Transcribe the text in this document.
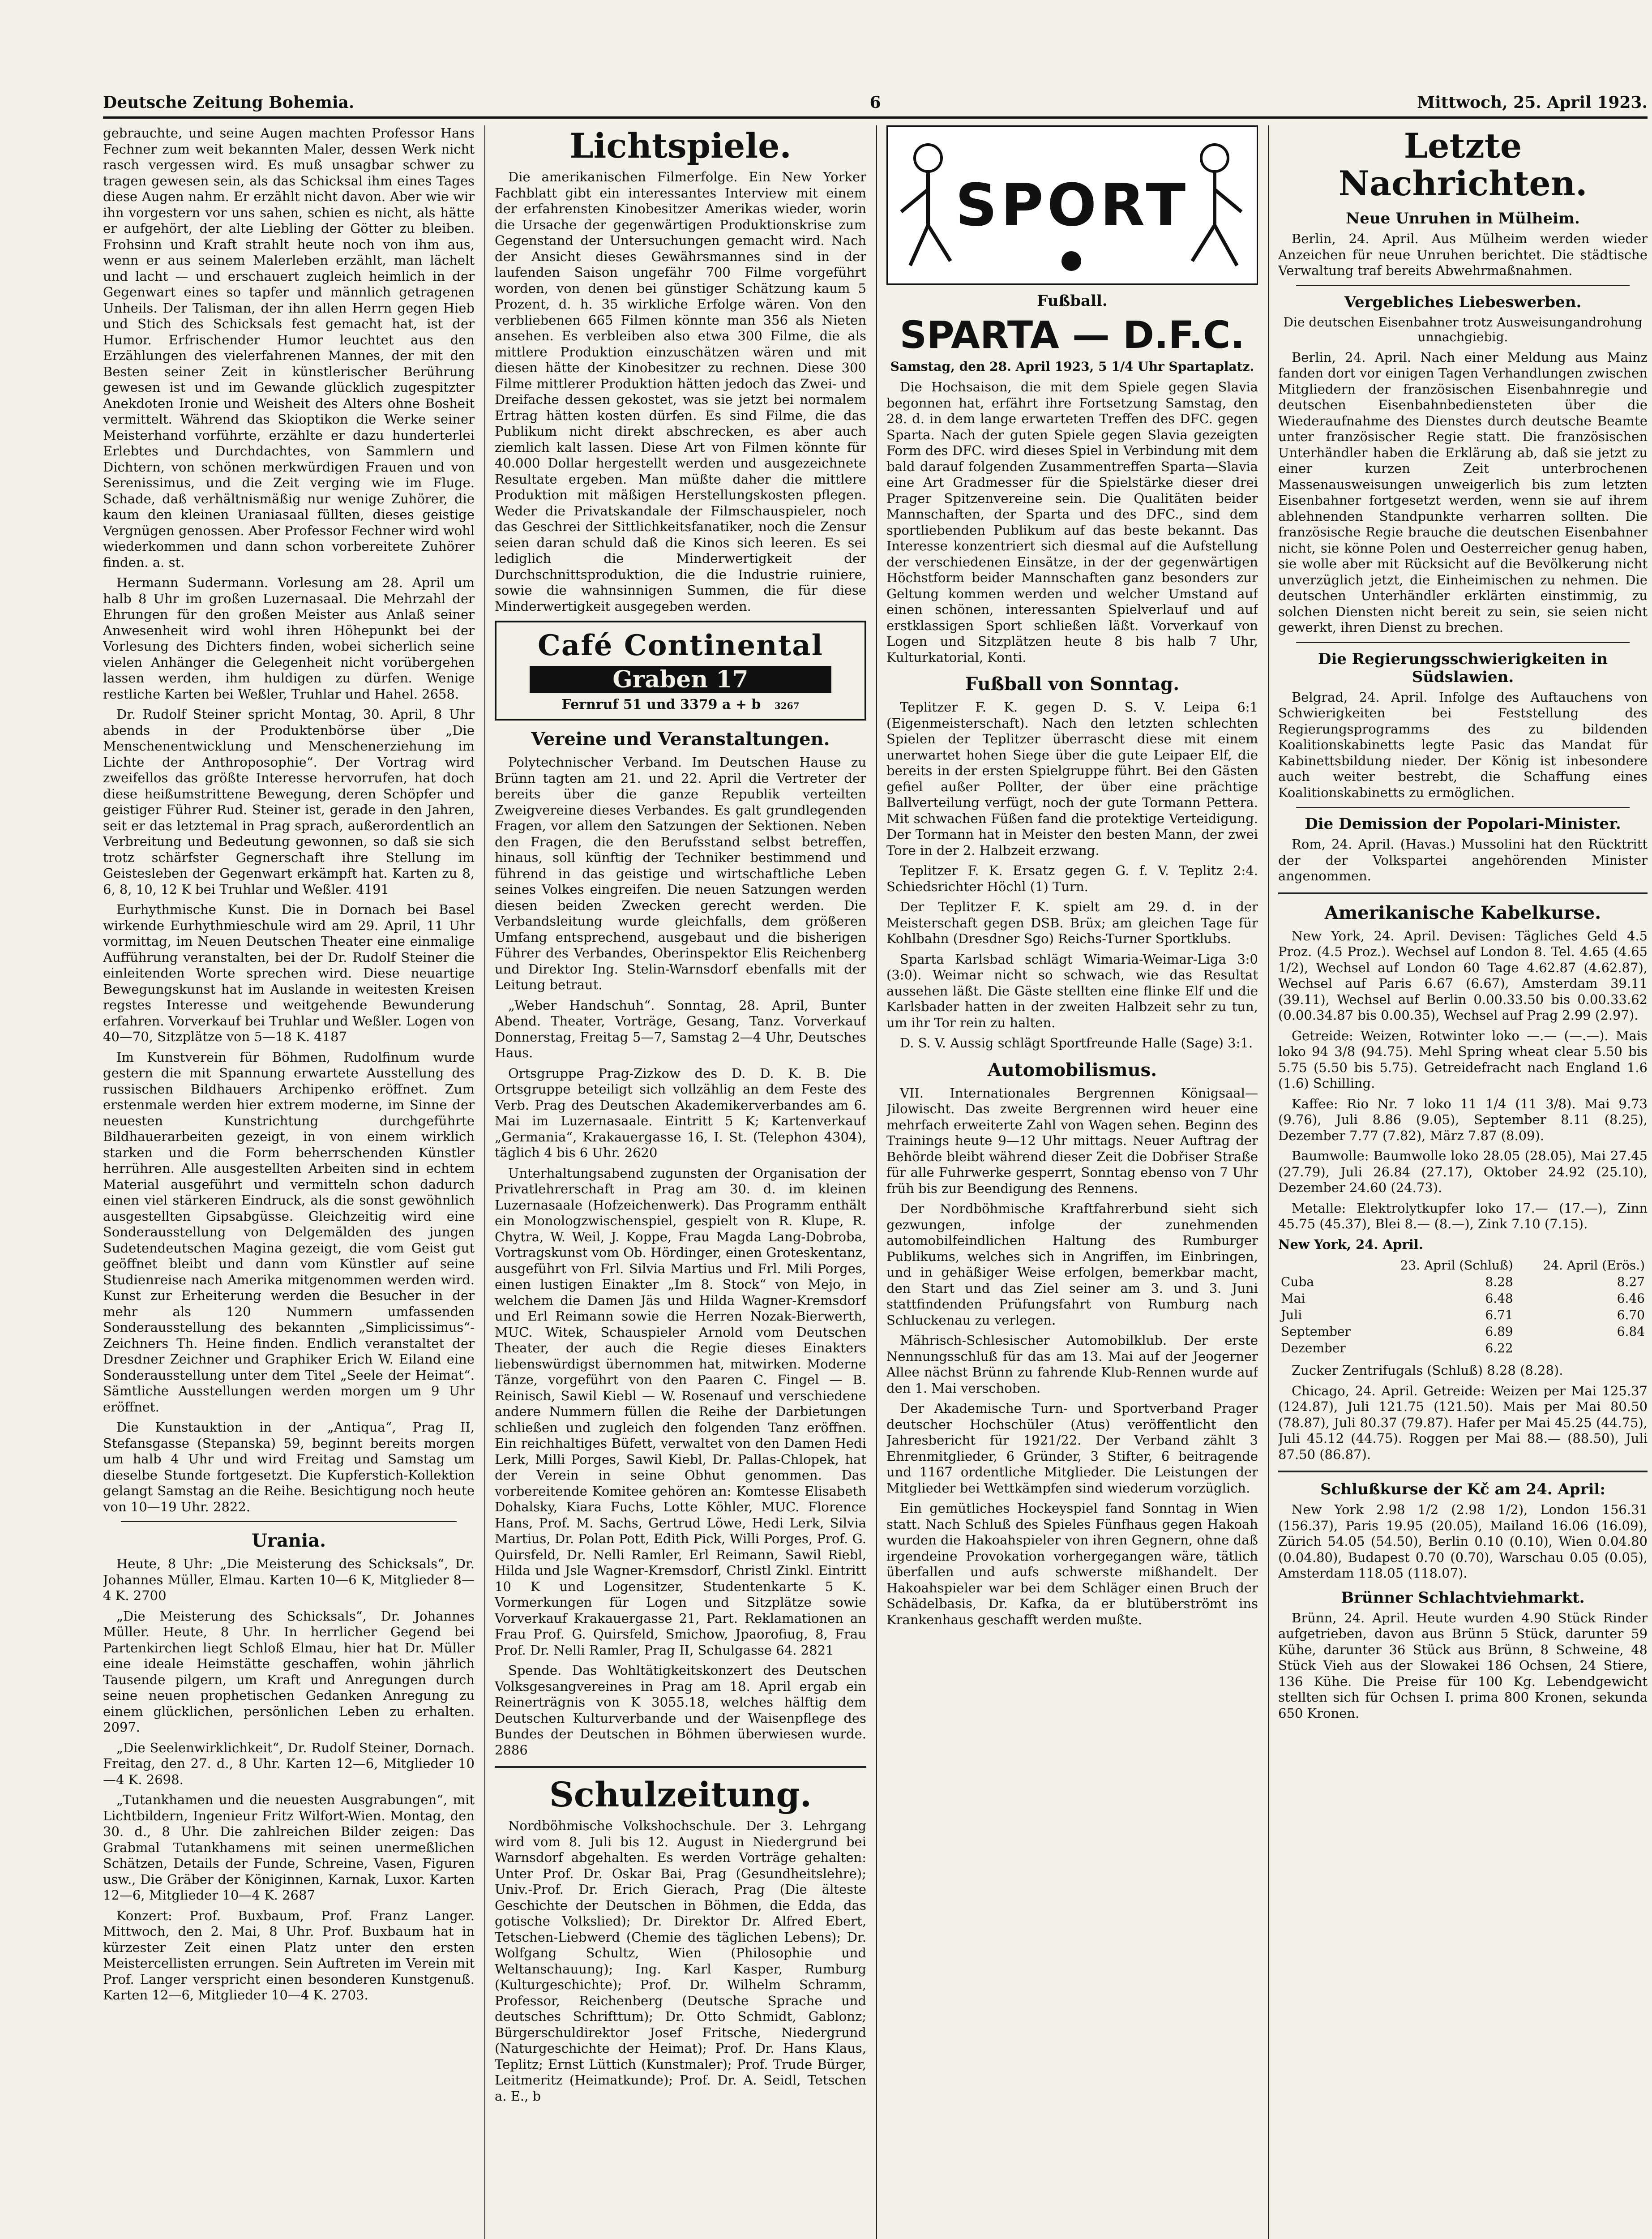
Deutsche Zeitung Bohemia.	6	Mittwoch, 25. April 1923.

gebrauchte, und seine Augen machten Professor Hans Fechner zum weit bekannten Maler, dessen Werk nicht rasch vergessen wird. Es muß unsagbar schwer zu tragen gewesen sein, als das Schicksal ihm eines Tages diese Augen nahm. Er erzählt nicht davon. Aber wie wir ihn vorgestern vor uns sahen, schien es nicht, als hätte er aufgehört, der alte Liebling der Götter zu bleiben. Frohsinn und Kraft strahlt heute noch von ihm aus, wenn er aus seinem Malerleben erzählt, man lächelt und lacht — und erschauert zugleich heimlich in der Gegenwart eines so tapfer und männlich getragenen Unheils. Der Talisman, der ihn allen Herrn gegen Hieb und Stich des Schicksals fest gemacht hat, ist der Humor. Erfrischender Humor leuchtet aus den Erzählungen des vielerfahrenen Mannes, der mit den Besten seiner Zeit in künstlerischer Berührung gewesen ist und im Gewande glücklich zugespitzter Anekdoten Ironie und Weisheit des Alters ohne Bosheit vermittelt. Während das Skioptikon die Werke seiner Meisterhand vorführte, erzählte er dazu hunderterlei Erlebtes und Durchdachtes, von Sammlern und Dichtern, von schönen merkwürdigen Frauen und von Serenissimus, und die Zeit verging wie im Fluge. Schade, daß verhältnismäßig nur wenige Zuhörer, die kaum den kleinen Uraniasaal füllten, dieses geistige Vergnügen genossen. Aber Professor Fechner wird wohl wiederkommen und dann schon vorbereitete Zuhörer finden. a. st.

Hermann Sudermann. Vorlesung am 28. April um halb 8 Uhr im großen Luzernasaal. Die Mehrzahl der Ehrungen für den großen Meister aus Anlaß seiner Anwesenheit wird wohl ihren Höhepunkt bei der Vorlesung des Dichters finden, wobei sicherlich seine vielen Anhänger die Gelegenheit nicht vorübergehen lassen werden, ihm huldigen zu dürfen. Wenige restliche Karten bei Weßler, Truhlar und Hahel. 2658.

Dr. Rudolf Steiner spricht Montag, 30. April, 8 Uhr abends in der Produktenbörse über „Die Menschenentwicklung und Menschenerziehung im Lichte der Anthroposophie“. Der Vortrag wird zweifellos das größte Interesse hervorrufen, hat doch diese heißumstrittene Bewegung, deren Schöpfer und geistiger Führer Rud. Steiner ist, gerade in den Jahren, seit er das letztemal in Prag sprach, außerordentlich an Verbreitung und Bedeutung gewonnen, so daß sie sich trotz schärfster Gegnerschaft ihre Stellung im Geistesleben der Gegenwart erkämpft hat. Karten zu 8, 6, 8, 10, 12 K bei Truhlar und Weßler. 4191

Eurhythmische Kunst. Die in Dornach bei Basel wirkende Eurhythmieschule wird am 29. April, 11 Uhr vormittag, im Neuen Deutschen Theater eine einmalige Aufführung veranstalten, bei der Dr. Rudolf Steiner die einleitenden Worte sprechen wird. Diese neuartige Bewegungskunst hat im Auslande in weitesten Kreisen regstes Interesse und weitgehende Bewunderung erfahren. Vorverkauf bei Truhlar und Weßler. Logen von 40—70, Sitzplätze von 5—18 K. 4187

Im Kunstverein für Böhmen, Rudolfinum wurde gestern die mit Spannung erwartete Ausstellung des russischen Bildhauers Archipenko eröffnet. Zum erstenmale werden hier extrem moderne, im Sinne der neuesten Kunstrichtung durchgeführte Bildhauerarbeiten gezeigt, in von einem wirklich starken und die Form beherrschenden Künstler herrühren. Alle ausgestellten Arbeiten sind in echtem Material ausgeführt und vermitteln schon dadurch einen viel stärkeren Eindruck, als die sonst gewöhnlich ausgestellten Gipsabgüsse. Gleichzeitig wird eine Sonderausstellung von Delgemälden des jungen Sudetendeutschen Magina gezeigt, die vom Geist gut geöffnet bleibt und dann vom Künstler auf seine Studienreise nach Amerika mitgenommen werden wird. Kunst zur Erheiterung werden die Besucher in der mehr als 120 Nummern umfassenden Sonderausstellung des bekannten „Simplicissimus“-Zeichners Th. Heine finden. Endlich veranstaltet der Dresdner Zeichner und Graphiker Erich W. Eiland eine Sonderausstellung unter dem Titel „Seele der Heimat“. Sämtliche Ausstellungen werden morgen um 9 Uhr eröffnet.

Die Kunstauktion in der „Antiqua“, Prag II, Stefansgasse (Stepanska) 59, beginnt bereits morgen um halb 4 Uhr und wird Freitag und Samstag um dieselbe Stunde fortgesetzt. Die Kupferstich-Kollektion gelangt Samstag an die Reihe. Besichtigung noch heute von 10—19 Uhr. 2822.

Urania.

Heute, 8 Uhr: „Die Meisterung des Schicksals“, Dr. Johannes Müller, Elmau. Karten 10—6 K, Mitglieder 8—4 K. 2700

„Die Meisterung des Schicksals“, Dr. Johannes Müller. Heute, 8 Uhr. In herrlicher Gegend bei Partenkirchen liegt Schloß Elmau, hier hat Dr. Müller eine ideale Heimstätte geschaffen, wohin jährlich Tausende pilgern, um Kraft und Anregungen durch seine neuen prophetischen Gedanken Anregung zu einem glücklichen, persönlichen Leben zu erhalten. 2097.

„Die Seelenwirklichkeit“, Dr. Rudolf Steiner, Dornach. Freitag, den 27. d., 8 Uhr. Karten 12—6, Mitglieder 10—4 K. 2698.

„Tutankhamen und die neuesten Ausgrabungen“, mit Lichtbildern, Ingenieur Fritz Wilfort-Wien. Montag, den 30. d., 8 Uhr. Die zahlreichen Bilder zeigen: Das Grabmal Tutankhamens mit seinen unermeßlichen Schätzen, Details der Funde, Schreine, Vasen, Figuren usw., Die Gräber der Königinnen, Karnak, Luxor. Karten 12—6, Mitglieder 10—4 K. 2687

Konzert: Prof. Buxbaum, Prof. Franz Langer. Mittwoch, den 2. Mai, 8 Uhr. Prof. Buxbaum hat in kürzester Zeit einen Platz unter den ersten Meistercellisten errungen. Sein Auftreten im Verein mit Prof. Langer verspricht einen besonderen Kunstgenuß. Karten 12—6, Mitglieder 10—4 K. 2703.

Lichtspiele.

Die amerikanischen Filmerfolge. Ein New Yorker Fachblatt gibt ein interessantes Interview mit einem der erfahrensten Kinobesitzer Amerikas wieder, worin die Ursache der gegenwärtigen Produktionskrise zum Gegenstand der Untersuchungen gemacht wird. Nach der Ansicht dieses Gewährsmannes sind in der laufenden Saison ungefähr 700 Filme vorgeführt worden, von denen bei günstiger Schätzung kaum 5 Prozent, d. h. 35 wirkliche Erfolge wären. Von den verbliebenen 665 Filmen könnte man 356 als Nieten ansehen. Es verbleiben also etwa 300 Filme, die als mittlere Produktion einzuschätzen wären und mit diesen hätte der Kinobesitzer zu rechnen. Diese 300 Filme mittlerer Produktion hätten jedoch das Zwei- und Dreifache dessen gekostet, was sie jetzt bei normalem Ertrag hätten kosten dürfen. Es sind Filme, die das Publikum nicht direkt abschrecken, es aber auch ziemlich kalt lassen. Diese Art von Filmen könnte für 40.000 Dollar hergestellt werden und ausgezeichnete Resultate ergeben. Man müßte daher die mittlere Produktion mit mäßigen Herstellungskosten pflegen. Weder die Privatskandale der Filmschauspieler, noch das Geschrei der Sittlichkeitsfanatiker, noch die Zensur seien daran schuld daß die Kinos sich leeren. Es sei lediglich die Minderwertigkeit der Durchschnittsproduktion, die die Industrie ruiniere, sowie die wahnsinnigen Summen, die für diese Minderwertigkeit ausgegeben werden.

Café Continental
Graben 17
Fernruf 51 und 3379 a + b 3267
Vereine und Veranstaltungen.

Polytechnischer Verband. Im Deutschen Hause zu Brünn tagten am 21. und 22. April die Vertreter der bereits über die ganze Republik verteilten Zweigvereine dieses Verbandes. Es galt grundlegenden Fragen, vor allem den Satzungen der Sektionen. Neben den Fragen, die den Berufsstand selbst betreffen, hinaus, soll künftig der Techniker bestimmend und führend in das geistige und wirtschaftliche Leben seines Volkes eingreifen. Die neuen Satzungen werden diesen beiden Zwecken gerecht werden. Die Verbandsleitung wurde gleichfalls, dem größeren Umfang entsprechend, ausgebaut und die bisherigen Führer des Verbandes, Oberinspektor Elis Reichenberg und Direktor Ing. Stelin-Warnsdorf ebenfalls mit der Leitung betraut.

„Weber Handschuh“. Sonntag, 28. April, Bunter Abend. Theater, Vorträge, Gesang, Tanz. Vorverkauf Donnerstag, Freitag 5—7, Samstag 2—4 Uhr, Deutsches Haus.

Ortsgruppe Prag-Zizkow des D. D. K. B. Die Ortsgruppe beteiligt sich vollzählig an dem Feste des Verb. Prag des Deutschen Akademikerverbandes am 6. Mai im Luzernasaale. Eintritt 5 K; Kartenverkauf „Germania“, Krakauergasse 16, I. St. (Telephon 4304), täglich 4 bis 6 Uhr. 2620

Unterhaltungsabend zugunsten der Organisation der Privatlehrerschaft in Prag am 30. d. im kleinen Luzernasaale (Hofzeichenwerk). Das Programm enthält ein Monologzwischenspiel, gespielt von R. Klupe, R. Chytra, W. Weil, J. Koppe, Frau Magda Lang-Dobroba, Vortragskunst vom Ob. Hördinger, einen Groteskentanz, ausgeführt von Frl. Silvia Martius und Frl. Mili Porges, einen lustigen Einakter „Im 8. Stock“ von Mejo, in welchem die Damen Jäs und Hilda Wagner-Kremsdorf und Erl Reimann sowie die Herren Nozak-Bierwerth, MUC. Witek, Schauspieler Arnold vom Deutschen Theater, der auch die Regie dieses Einakters liebenswürdigst übernommen hat, mitwirken. Moderne Tänze, vorgeführt von den Paaren C. Fingel — B. Reinisch, Sawil Kiebl — W. Rosenauf und verschiedene andere Nummern füllen die Reihe der Darbietungen schließen und zugleich den folgenden Tanz eröffnen. Ein reichhaltiges Büfett, verwaltet von den Damen Hedi Lerk, Milli Porges, Sawil Kiebl, Dr. Pallas-Chlopek, hat der Verein in seine Obhut genommen. Das vorbereitende Komitee gehören an: Komtesse Elisabeth Dohalsky, Kiara Fuchs, Lotte Köhler, MUC. Florence Hans, Prof. M. Sachs, Gertrud Löwe, Hedi Lerk, Silvia Martius, Dr. Polan Pott, Edith Pick, Willi Porges, Prof. G. Quirsfeld, Dr. Nelli Ramler, Erl Reimann, Sawil Riebl, Hilda und Jsle Wagner-Kremsdorf, Christl Zinkl. Eintritt 10 K und Logensitzer, Studentenkarte 5 K. Vormerkungen für Logen und Sitzplätze sowie Vorverkauf Krakauergasse 21, Part. Reklamationen an Frau Prof. G. Quirsfeld, Smichow, Jpaorofiug, 8, Frau Prof. Dr. Nelli Ramler, Prag II, Schulgasse 64. 2821

Spende. Das Wohltätigkeitskonzert des Deutschen Volksgesangvereines in Prag am 18. April ergab ein Reinerträgnis von K 3055.18, welches hälftig dem Deutschen Kulturverbande und der Waisenpflege des Bundes der Deutschen in Böhmen überwiesen wurde. 2886

Schulzeitung.

Nordböhmische Volkshochschule. Der 3. Lehrgang wird vom 8. Juli bis 12. August in Niedergrund bei Warnsdorf abgehalten. Es werden Vorträge gehalten: Unter Prof. Dr. Oskar Bai, Prag (Gesundheitslehre); Univ.-Prof. Dr. Erich Gierach, Prag (Die älteste Geschichte der Deutschen in Böhmen, die Edda, das gotische Volkslied); Dr. Direktor Dr. Alfred Ebert, Tetschen-Liebwerd (Chemie des täglichen Lebens); Dr. Wolfgang Schultz, Wien (Philosophie und Weltanschauung); Ing. Karl Kasper, Rumburg (Kulturgeschichte); Prof. Dr. Wilhelm Schramm, Professor, Reichenberg (Deutsche Sprache und deutsches Schrifttum); Dr. Otto Schmidt, Gablonz; Bürgerschuldirektor Josef Fritsche, Niedergrund (Naturgeschichte der Heimat); Prof. Dr. Hans Klaus, Teplitz; Ernst Lüttich (Kunstmaler); Prof. Trude Bürger, Leitmeritz (Heimatkunde); Prof. Dr. A. Seidl, Tetschen a. E., b

SPORT
Fußball.
SPARTA — D.F.C.
Samstag, den 28. April 1923, 5 1/4 Uhr Spartaplatz.

Die Hochsaison, die mit dem Spiele gegen Slavia begonnen hat, erfährt ihre Fortsetzung Samstag, den 28. d. in dem lange erwarteten Treffen des DFC. gegen Sparta. Nach der guten Spiele gegen Slavia gezeigten Form des DFC. wird dieses Spiel in Verbindung mit dem bald darauf folgenden Zusammentreffen Sparta—Slavia eine Art Gradmesser für die Spielstärke dieser drei Prager Spitzenvereine sein. Die Qualitäten beider Mannschaften, der Sparta und des DFC., sind dem sportliebenden Publikum auf das beste bekannt. Das Interesse konzentriert sich diesmal auf die Aufstellung der verschiedenen Einsätze, in der der gegenwärtigen Höchstform beider Mannschaften ganz besonders zur Geltung kommen werden und welcher Umstand auf einen schönen, interessanten Spielverlauf und auf erstklassigen Sport schließen läßt. Vorverkauf von Logen und Sitzplätzen heute 8 bis halb 7 Uhr, Kulturkatorial, Konti.

Fußball von Sonntag.

Teplitzer F. K. gegen D. S. V. Leipa 6:1 (Eigenmeisterschaft). Nach den letzten schlechten Spielen der Teplitzer überrascht diese mit einem unerwartet hohen Siege über die gute Leipaer Elf, die bereits in der ersten Spielgruppe führt. Bei den Gästen gefiel außer Pollter, der über eine prächtige Ballverteilung verfügt, noch der gute Tormann Pettera. Mit schwachen Füßen fand die protektige Verteidigung. Der Tormann hat in Meister den besten Mann, der zwei Tore in der 2. Halbzeit erzwang.

Teplitzer F. K. Ersatz gegen G. f. V. Teplitz 2:4. Schiedsrichter Höchl (1) Turn.

Der Teplitzer F. K. spielt am 29. d. in der Meisterschaft gegen DSB. Brüx; am gleichen Tage für Kohlbahn (Dresdner Sgo) Reichs-Turner Sportklubs.

Sparta Karlsbad schlägt Wimaria-Weimar-Liga 3:0 (3:0). Weimar nicht so schwach, wie das Resultat aussehen läßt. Die Gäste stellten eine flinke Elf und die Karlsbader hatten in der zweiten Halbzeit sehr zu tun, um ihr Tor rein zu halten.

D. S. V. Aussig schlägt Sportfreunde Halle (Sage) 3:1.

Automobilismus.

VII. Internationales Bergrennen Königsaal—Jilowischt. Das zweite Bergrennen wird heuer eine mehrfach erweiterte Zahl von Wagen sehen. Beginn des Trainings heute 9—12 Uhr mittags. Neuer Auftrag der Behörde bleibt während dieser Zeit die Dobřiser Straße für alle Fuhrwerke gesperrt, Sonntag ebenso von 7 Uhr früh bis zur Beendigung des Rennens.

Der Nordböhmische Kraftfahrerbund sieht sich gezwungen, infolge der zunehmenden automobilfeindlichen Haltung des Rumburger Publikums, welches sich in Angriffen, im Einbringen, und in gehäßiger Weise erfolgen, bemerkbar macht, den Start und das Ziel seiner am 3. und 3. Juni stattfindenden Prüfungsfahrt von Rumburg nach Schluckenau zu verlegen.

Mährisch-Schlesischer Automobilklub. Der erste Nennungsschluß für das am 13. Mai auf der Jeogerner Allee nächst Brünn zu fahrende Klub-Rennen wurde auf den 1. Mai verschoben.

Der Akademische Turn- und Sportverband Prager deutscher Hochschüler (Atus) veröffentlicht den Jahresbericht für 1921/22. Der Verband zählt 3 Ehrenmitglieder, 6 Gründer, 3 Stifter, 6 beitragende und 1167 ordentliche Mitglieder. Die Leistungen der Mitglieder bei Wettkämpfen sind wiederum vorzüglich.

Ein gemütliches Hockeyspiel fand Sonntag in Wien statt. Nach Schluß des Spieles Fünfhaus gegen Hakoah wurden die Hakoahspieler von ihren Gegnern, ohne daß irgendeine Provokation vorhergegangen wäre, tätlich überfallen und aufs schwerste mißhandelt. Der Hakoahspieler war bei dem Schläger einen Bruch der Schädelbasis, Dr. Kafka, da er blutüberströmt ins Krankenhaus geschafft werden mußte.

Letzte Nachrichten.
Neue Unruhen in Mülheim.

Berlin, 24. April. Aus Mülheim werden wieder Anzeichen für neue Unruhen berichtet. Die städtische Verwaltung traf bereits Abwehrmaßnahmen.

Vergebliches Liebeswerben.
Die deutschen Eisenbahner trotz Ausweisungandrohung unnachgiebig.

Berlin, 24. April. Nach einer Meldung aus Mainz fanden dort vor einigen Tagen Verhandlungen zwischen Mitgliedern der französischen Eisenbahnregie und deutschen Eisenbahnbediensteten über die Wiederaufnahme des Dienstes durch deutsche Beamte unter französischer Regie statt. Die französischen Unterhändler haben die Erklärung ab, daß sie jetzt zu einer kurzen Zeit unterbrochenen Massenausweisungen unweigerlich bis zum letzten Eisenbahner fortgesetzt werden, wenn sie auf ihrem ablehnenden Standpunkte verharren sollten. Die französische Regie brauche die deutschen Eisenbahner nicht, sie könne Polen und Oesterreicher genug haben, sie wolle aber mit Rücksicht auf die Bevölkerung nicht unverzüglich jetzt, die Einheimischen zu nehmen. Die deutschen Unterhändler erklärten einstimmig, zu solchen Diensten nicht bereit zu sein, sie seien nicht gewerkt, ihren Dienst zu brechen.

Die Regierungsschwierigkeiten in Südslawien.

Belgrad, 24. April. Infolge des Auftauchens von Schwierigkeiten bei Feststellung des Regierungsprogramms des zu bildenden Koalitionskabinetts legte Pasic das Mandat für Kabinettsbildung nieder. Der König ist inbesondere auch weiter bestrebt, die Schaffung eines Koalitionskabinetts zu ermöglichen.

Die Demission der Popolari-Minister.

Rom, 24. April. (Havas.) Mussolini hat den Rücktritt der der Volkspartei angehörenden Minister angenommen.

Amerikanische Kabelkurse.

New York, 24. April. Devisen: Tägliches Geld 4.5 Proz. (4.5 Proz.). Wechsel auf London 8. Tel. 4.65 (4.65 1/2), Wechsel auf London 60 Tage 4.62.87 (4.62.87), Wechsel auf Paris 6.67 (6.67), Amsterdam 39.11 (39.11), Wechsel auf Berlin 0.00.33.50 bis 0.00.33.62 (0.00.34.87 bis 0.00.35), Wechsel auf Prag 2.99 (2.97).

Getreide: Weizen, Rotwinter loko —.— (—.—). Mais loko 94 3/8 (94.75). Mehl Spring wheat clear 5.50 bis 5.75 (5.50 bis 5.75). Getreidefracht nach England 1.6 (1.6) Schilling.

Kaffee: Rio Nr. 7 loko 11 1/4 (11 3/8). Mai 9.73 (9.76), Juli 8.86 (9.05), September 8.11 (8.25), Dezember 7.77 (7.82), März 7.87 (8.09).

Baumwolle: Baumwolle loko 28.05 (28.05), Mai 27.45 (27.79), Juli 26.84 (27.17), Oktober 24.92 (25.10), Dezember 24.60 (24.73).

Metalle: Elektrolytkupfer loko 17.— (17.—), Zinn 45.75 (45.37), Blei 8.— (8.—), Zink 7.10 (7.15).

New York, 24. April.

	23. April (Schluß)	24. April (Erös.)
Cuba	8.28	8.27
Mai	6.48	6.46
Juli	6.71	6.70
September	6.89	6.84
Dezember	6.22	

Zucker Zentrifugals (Schluß) 8.28 (8.28).

Chicago, 24. April. Getreide: Weizen per Mai 125.37 (124.87), Juli 121.75 (121.50). Mais per Mai 80.50 (78.87), Juli 80.37 (79.87). Hafer per Mai 45.25 (44.75), Juli 45.12 (44.75). Roggen per Mai 88.— (88.50), Juli 87.50 (86.87).

Schlußkurse der Kč am 24. April:

New York 2.98 1/2 (2.98 1/2), London 156.31 (156.37), Paris 19.95 (20.05), Mailand 16.06 (16.09), Zürich 54.05 (54.50), Berlin 0.10 (0.10), Wien 0.04.80 (0.04.80), Budapest 0.70 (0.70), Warschau 0.05 (0.05), Amsterdam 118.05 (118.07).

Brünner Schlachtviehmarkt.

Brünn, 24. April. Heute wurden 4.90 Stück Rinder aufgetrieben, davon aus Brünn 5 Stück, darunter 59 Kühe, darunter 36 Stück aus Brünn, 8 Schweine, 48 Stück Vieh aus der Slowakei 186 Ochsen, 24 Stiere, 136 Kühe. Die Preise für 100 Kg. Lebendgewicht stellten sich für Ochsen I. prima 800 Kronen, sekunda 650 Kronen.
